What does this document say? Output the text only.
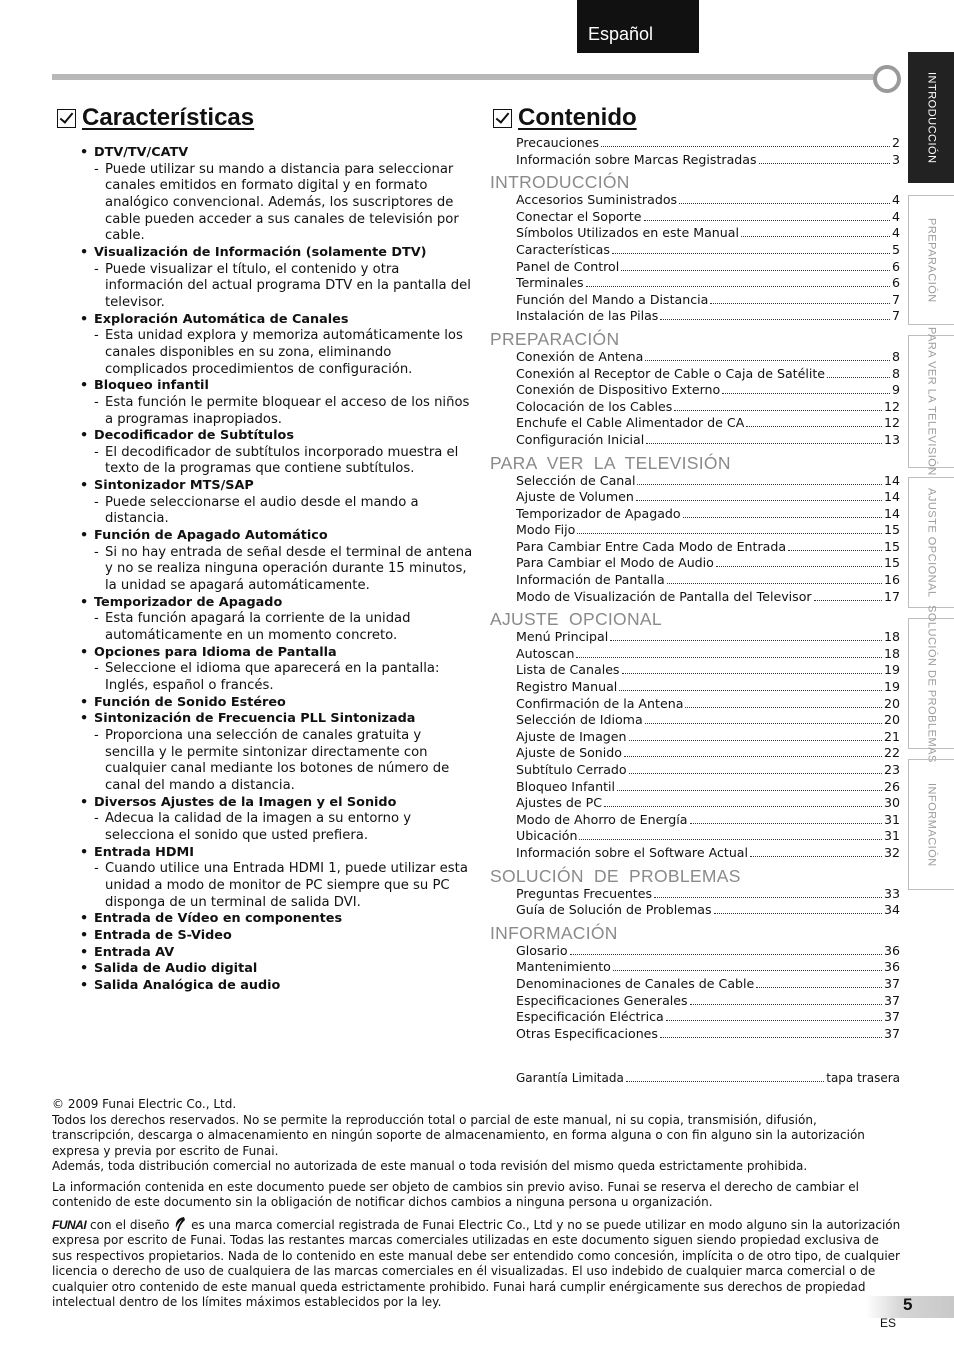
Español
INTRODUCCIÓN
PREPARACIÓN
PARA VER LA TELEVISIÓN
AJUSTE OPCIONAL
SOLUCIÓN DE PROBLEMAS
INFORMACIÓN
Características
• DTV/TV/CATV
- Puede utilizar su mando a distancia para seleccionar canales emitidos en formato digital y en formato analógico convencional. Además, los suscriptores de cable pueden acceder a sus canales de televisión por cable.
• Visualización de Información (solamente DTV)
- Puede visualizar el título, el contenido y otra información del actual programa DTV en la pantalla del televisor.
• Exploración Automática de Canales
- Esta unidad explora y memoriza automáticamente los canales disponibles en su zona, eliminando complicados procedimientos de configuración.
• Bloqueo infantil
- Esta función le permite bloquear el acceso de los niños a programas inapropiados.
• Decodificador de Subtítulos
- El decodificador de subtítulos incorporado muestra el texto de la programas que contiene subtítulos.
• Sintonizador MTS/SAP
- Puede seleccionarse el audio desde el mando a distancia.
• Función de Apagado Automático
- Si no hay entrada de señal desde el terminal de antena y no se realiza ninguna operación durante 15 minutos, la unidad se apagará automáticamente.
• Temporizador de Apagado
- Esta función apagará la corriente de la unidad automáticamente en un momento concreto.
• Opciones para Idioma de Pantalla
- Seleccione el idioma que aparecerá en la pantalla: Inglés, español o francés.
• Función de Sonido Estéreo
• Sintonización de Frecuencia PLL Sintonizada
- Proporciona una selección de canales gratuita y sencilla y le permite sintonizar directamente con cualquier canal mediante los botones de número de canal del mando a distancia.
• Diversos Ajustes de la Imagen y el Sonido
- Adecua la calidad de la imagen a su entorno y selecciona el sonido que usted prefiera.
• Entrada HDMI
- Cuando utilice una Entrada HDMI 1, puede utilizar esta unidad a modo de monitor de PC siempre que su PC disponga de un terminal de salida DVI.
• Entrada de Vídeo en componentes
• Entrada de S-Video
• Entrada AV
• Salida de Audio digital
• Salida Analógica de audio
Contenido
Precauciones	2
Información sobre Marcas Registradas	3
INTRODUCCIÓN
Accesorios Suministrados	4
Conectar el Soporte	4
Símbolos Utilizados en este Manual	4
Características	5
Panel de Control	6
Terminales	6
Función del Mando a Distancia	7
Instalación de las Pilas	7
PREPARACIÓN
Conexión de Antena	8
Conexión al Receptor de Cable o Caja de Satélite	8
Conexión de Dispositivo Externo	9
Colocación de los Cables	12
Enchufe el Cable Alimentador de CA	12
Configuración Inicial	13
PARA VER LA TELEVISIÓN
Selección de Canal	14
Ajuste de Volumen	14
Temporizador de Apagado	14
Modo Fijo	15
Para Cambiar Entre Cada Modo de Entrada	15
Para Cambiar el Modo de Audio	15
Información de Pantalla	16
Modo de Visualización de Pantalla del Televisor	17
AJUSTE OPCIONAL
Menú Principal	18
Autoscan	18
Lista de Canales	19
Registro Manual	19
Confirmación de la Antena	20
Selección de Idioma	20
Ajuste de Imagen	21
Ajuste de Sonido	22
Subtítulo Cerrado	23
Bloqueo Infantil	26
Ajustes de PC	30
Modo de Ahorro de Energía	31
Ubicación	31
Información sobre el Software Actual	32
SOLUCIÓN DE PROBLEMAS
Preguntas Frecuentes	33
Guía de Solución de Problemas	34
INFORMACIÓN
Glosario	36
Mantenimiento	36
Denominaciones de Canales de Cable	37
Especificaciones Generales	37
Especificación Eléctrica	37
Otras Especificaciones	37
Garantía Limitada	tapa trasera

© 2009 Funai Electric Co., Ltd.

Todos los derechos reservados. No se permite la reproducción total o parcial de este manual, ni su copia, transmisión, difusión, transcripción, descarga o almacenamiento en ningún soporte de almacenamiento, en forma alguna o con fin alguno sin la autorización expresa y previa por escrito de Funai.

Además, toda distribución comercial no autorizada de este manual o toda revisión del mismo queda estrictamente prohibida.

La información contenida en este documento puede ser objeto de cambios sin previo aviso. Funai se reserva el derecho de cambiar el contenido de este documento sin la obligación de notificar dichos cambios a ninguna persona u organización.

FUNAI con el diseño es una marca comercial registrada de Funai Electric Co., Ltd y no se puede utilizar en modo alguno sin la autorización expresa por escrito de Funai. Todas las restantes marcas comerciales utilizadas en este documento siguen siendo propiedad exclusiva de sus respectivos propietarios. Nada de lo contenido en este manual debe ser entendido como concesión, implícita o de otro tipo, de cualquier licencia o derecho de uso de cualquiera de las marcas comerciales en él visualizadas. El uso indebido de cualquier marca comercial o de cualquier otro contenido de este manual queda estrictamente prohibido. Funai hará cumplir enérgicamente sus derechos de propiedad intelectual dentro de los límites máximos establecidos por la ley.	5
ES
